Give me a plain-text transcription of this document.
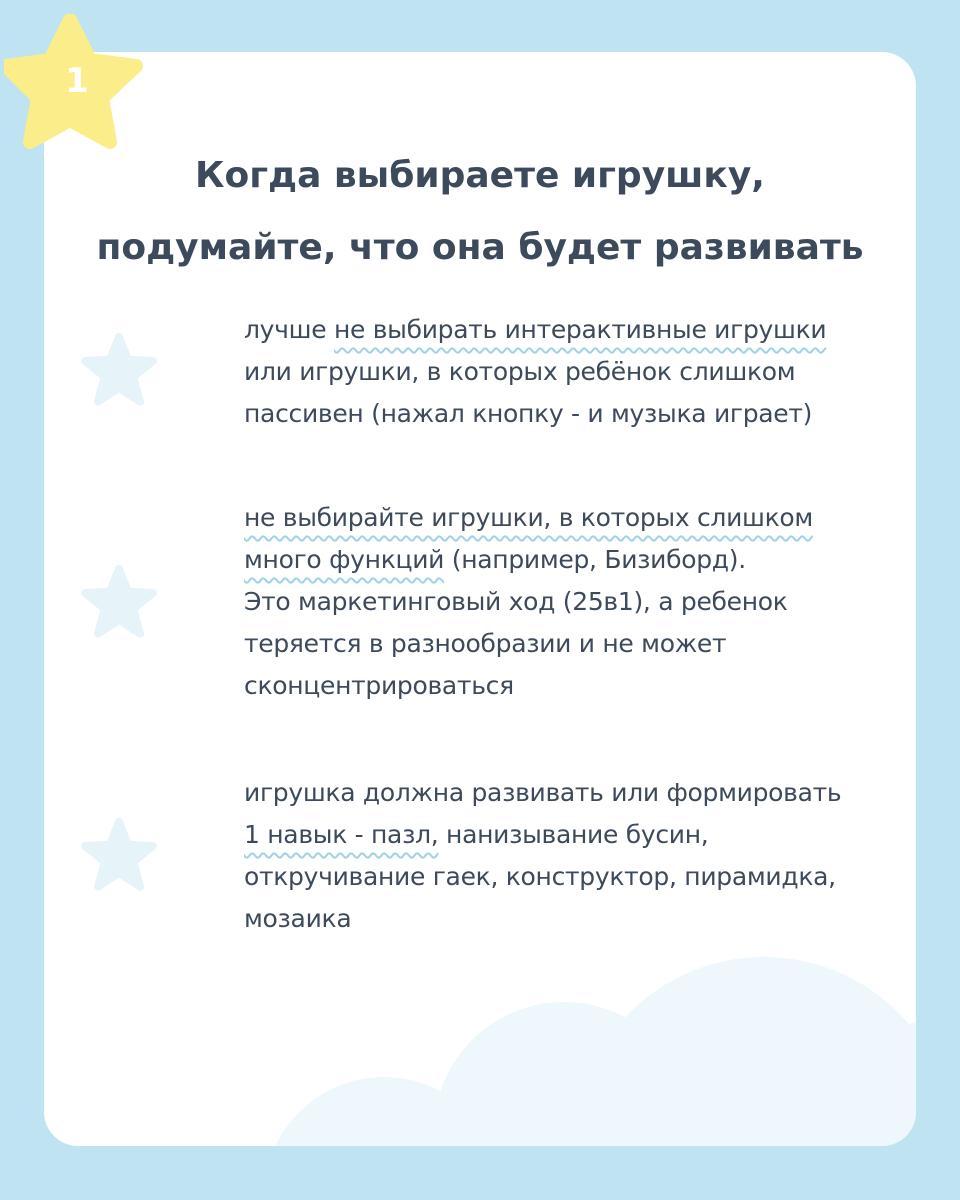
Когда выбираете игрушку,
подумайте, что она будет развивать
лучше не выбирать интерактивные игрушки
или игрушки, в которых ребёнок слишком
пассивен (нажал кнопку - и музыка играет)
не выбирайте игрушки, в которых слишком
много функций (например, Бизиборд).
Это маркетинговый ход (25в1), а ребенок
теряется в разнообразии и не может
сконцентрироваться
игрушка должна развивать или формировать
1 навык - пазл, нанизывание бусин,
откручивание гаек, конструктор, пирамидка,
мозаика
1
